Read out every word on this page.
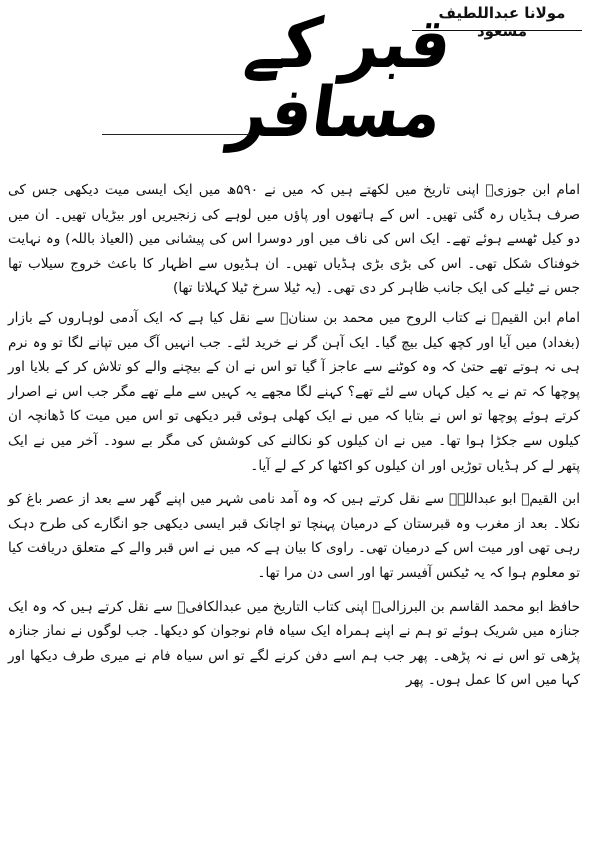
مولانا عبداللطیف مسعود
قبر کے مسافر

امام ابن جوزیؒ اپنی تاریخ میں لکھتے ہیں کہ میں نے ۵۹۰ھ میں ایک ایسی میت دیکھی جس کی صرف ہڈیاں رہ گئی تھیں۔ اس کے ہاتھوں اور پاؤں میں لوہے کی زنجیریں اور بیڑیاں تھیں۔ ان میں دو کیل ٹھسے ہوئے تھے۔ ایک اس کی ناف میں اور دوسرا اس کی پیشانی میں (العیاذ باللہ) وہ نہایت خوفناک شکل تھی۔ اس کی بڑی بڑی ہڈیاں تھیں۔ ان ہڈیوں سے اظہار کا باعث خروج سیلاب تھا جس نے ٹیلے کی ایک جانب ظاہر کر دی تھی۔ (یہ ٹیلا سرخ ٹیلا کہلاتا تھا)

امام ابن القیمؒ نے کتاب الروح میں محمد بن سنانؒ سے نقل کیا ہے کہ ایک آدمی لوہاروں کے بازار (بغداد) میں آیا اور کچھ کیل بیچ گیا۔ ایک آہن گر نے خرید لئے۔ جب انہیں آگ میں تپانے لگا تو وہ نرم ہی نہ ہوتے تھے حتیٰ کہ وہ کوٹنے سے عاجز آ گیا تو اس نے ان کے بیچنے والے کو تلاش کر کے بلایا اور پوچھا کہ تم نے یہ کیل کہاں سے لئے تھے؟ کہنے لگا مجھے یہ کہیں سے ملے تھے مگر جب اس نے اصرار کرتے ہوئے پوچھا تو اس نے بتایا کہ میں نے ایک کھلی ہوئی قبر دیکھی تو اس میں میت کا ڈھانچہ ان کیلوں سے جکڑا ہوا تھا۔ میں نے ان کیلوں کو نکالنے کی کوشش کی مگر بے سود۔ آخر میں نے ایک پتھر لے کر ہڈیاں توڑیں اور ان کیلوں کو اکٹھا کر کے لے آیا۔

ابن القیمؒ ابو عبداللہؒ سے نقل کرتے ہیں کہ وہ آمد نامی شہر میں اپنے گھر سے بعد از عصر باغ کو نکلا۔ بعد از مغرب وہ قبرستان کے درمیان پہنچا تو اچانک قبر ایسی دیکھی جو انگارے کی طرح دہک رہی تھی اور میت اس کے درمیان تھی۔ راوی کا بیان ہے کہ میں نے اس قبر والے کے متعلق دریافت کیا تو معلوم ہوا کہ یہ ٹیکس آفیسر تھا اور اسی دن مرا تھا۔

حافظ ابو محمد القاسم بن البرزالیؒ اپنی کتاب التاریخ میں عبدالکافیؒ سے نقل کرتے ہیں کہ وہ ایک جنازہ میں شریک ہوئے تو ہم نے اپنے ہمراہ ایک سیاہ فام نوجوان کو دیکھا۔ جب لوگوں نے نماز جنازہ پڑھی تو اس نے نہ پڑھی۔ پھر جب ہم اسے دفن کرنے لگے تو اس سیاہ فام نے میری طرف دیکھا اور کہا میں اس کا عمل ہوں۔ پھر
